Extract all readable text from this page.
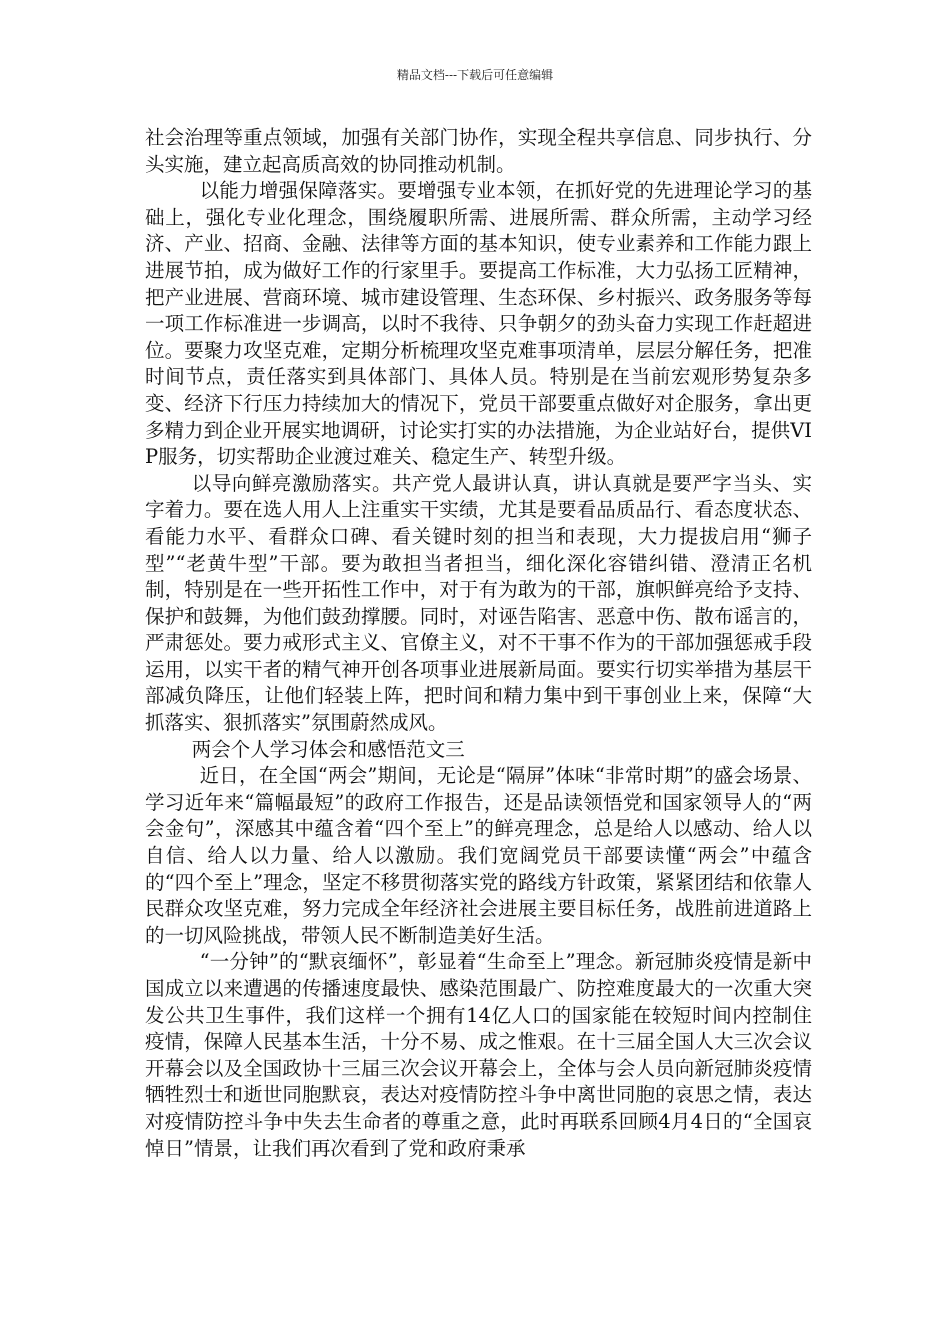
精品文档---下载后可任意编辑

社会治理等重点领域，加强有关部门协作，实现全程共享信息、同步执行、分头实施，建立起高质高效的协同推动机制。

以能力增强保障落实。要增强专业本领，在抓好党的先进理论学习的基础上，强化专业化理念，围绕履职所需、进展所需、群众所需，主动学习经济、产业、招商、金融、法律等方面的基本知识，使专业素养和工作能力跟上进展节拍，成为做好工作的行家里手。要提高工作标准，大力弘扬工匠精神，把产业进展、营商环境、城市建设管理、生态环保、乡村振兴、政务服务等每一项工作标准进一步调高，以时不我待、只争朝夕的劲头奋力实现工作赶超进位。要聚力攻坚克难，定期分析梳理攻坚克难事项清单，层层分解任务，把准时间节点，责任落实到具体部门、具体人员。特别是在当前宏观形势复杂多变、经济下行压力持续加大的情况下，党员干部要重点做好对企服务，拿出更多精力到企业开展实地调研，讨论实打实的办法措施，为企业站好台，提供VIP服务，切实帮助企业渡过难关、稳定生产、转型升级。

以导向鲜亮激励落实。共产党人最讲认真，讲认真就是要严字当头、实字着力。要在选人用人上注重实干实绩，尤其是要看品质品行、看态度状态、看能力水平、看群众口碑、看关键时刻的担当和表现，大力提拔启用“狮子型”“老黄牛型”干部。要为敢担当者担当，细化深化容错纠错、澄清正名机制，特别是在一些开拓性工作中，对于有为敢为的干部，旗帜鲜亮给予支持、保护和鼓舞，为他们鼓劲撑腰。同时，对诬告陷害、恶意中伤、散布谣言的，严肃惩处。要力戒形式主义、官僚主义，对不干事不作为的干部加强惩戒手段运用，以实干者的精气神开创各项事业进展新局面。要实行切实举措为基层干部减负降压，让他们轻装上阵，把时间和精力集中到干事创业上来，保障“大抓落实、狠抓落实”氛围蔚然成风。

两会个人学习体会和感悟范文三

近日，在全国“两会”期间，无论是“隔屏”体味“非常时期”的盛会场景、学习近年来“篇幅最短”的政府工作报告，还是品读领悟党和国家领导人的“两会金句”，深感其中蕴含着“四个至上”的鲜亮理念，总是给人以感动、给人以自信、给人以力量、给人以激励。我们宽阔党员干部要读懂“两会”中蕴含的“四个至上”理念，坚定不移贯彻落实党的路线方针政策，紧紧团结和依靠人民群众攻坚克难，努力完成全年经济社会进展主要目标任务，战胜前进道路上的一切风险挑战，带领人民不断制造美好生活。

“一分钟”的“默哀缅怀”，彰显着“生命至上”理念。新冠肺炎疫情是新中国成立以来遭遇的传播速度最快、感染范围最广、防控难度最大的一次重大突发公共卫生事件，我们这样一个拥有14亿人口的国家能在较短时间内控制住疫情，保障人民基本生活，十分不易、成之惟艰。在十三届全国人大三次会议开幕会以及全国政协十三届三次会议开幕会上，全体与会人员向新冠肺炎疫情牺牲烈士和逝世同胞默哀，表达对疫情防控斗争中离世同胞的哀思之情，表达对疫情防控斗争中失去生命者的尊重之意，此时再联系回顾4月4日的“全国哀悼日”情景，让我们再次看到了党和政府秉承
